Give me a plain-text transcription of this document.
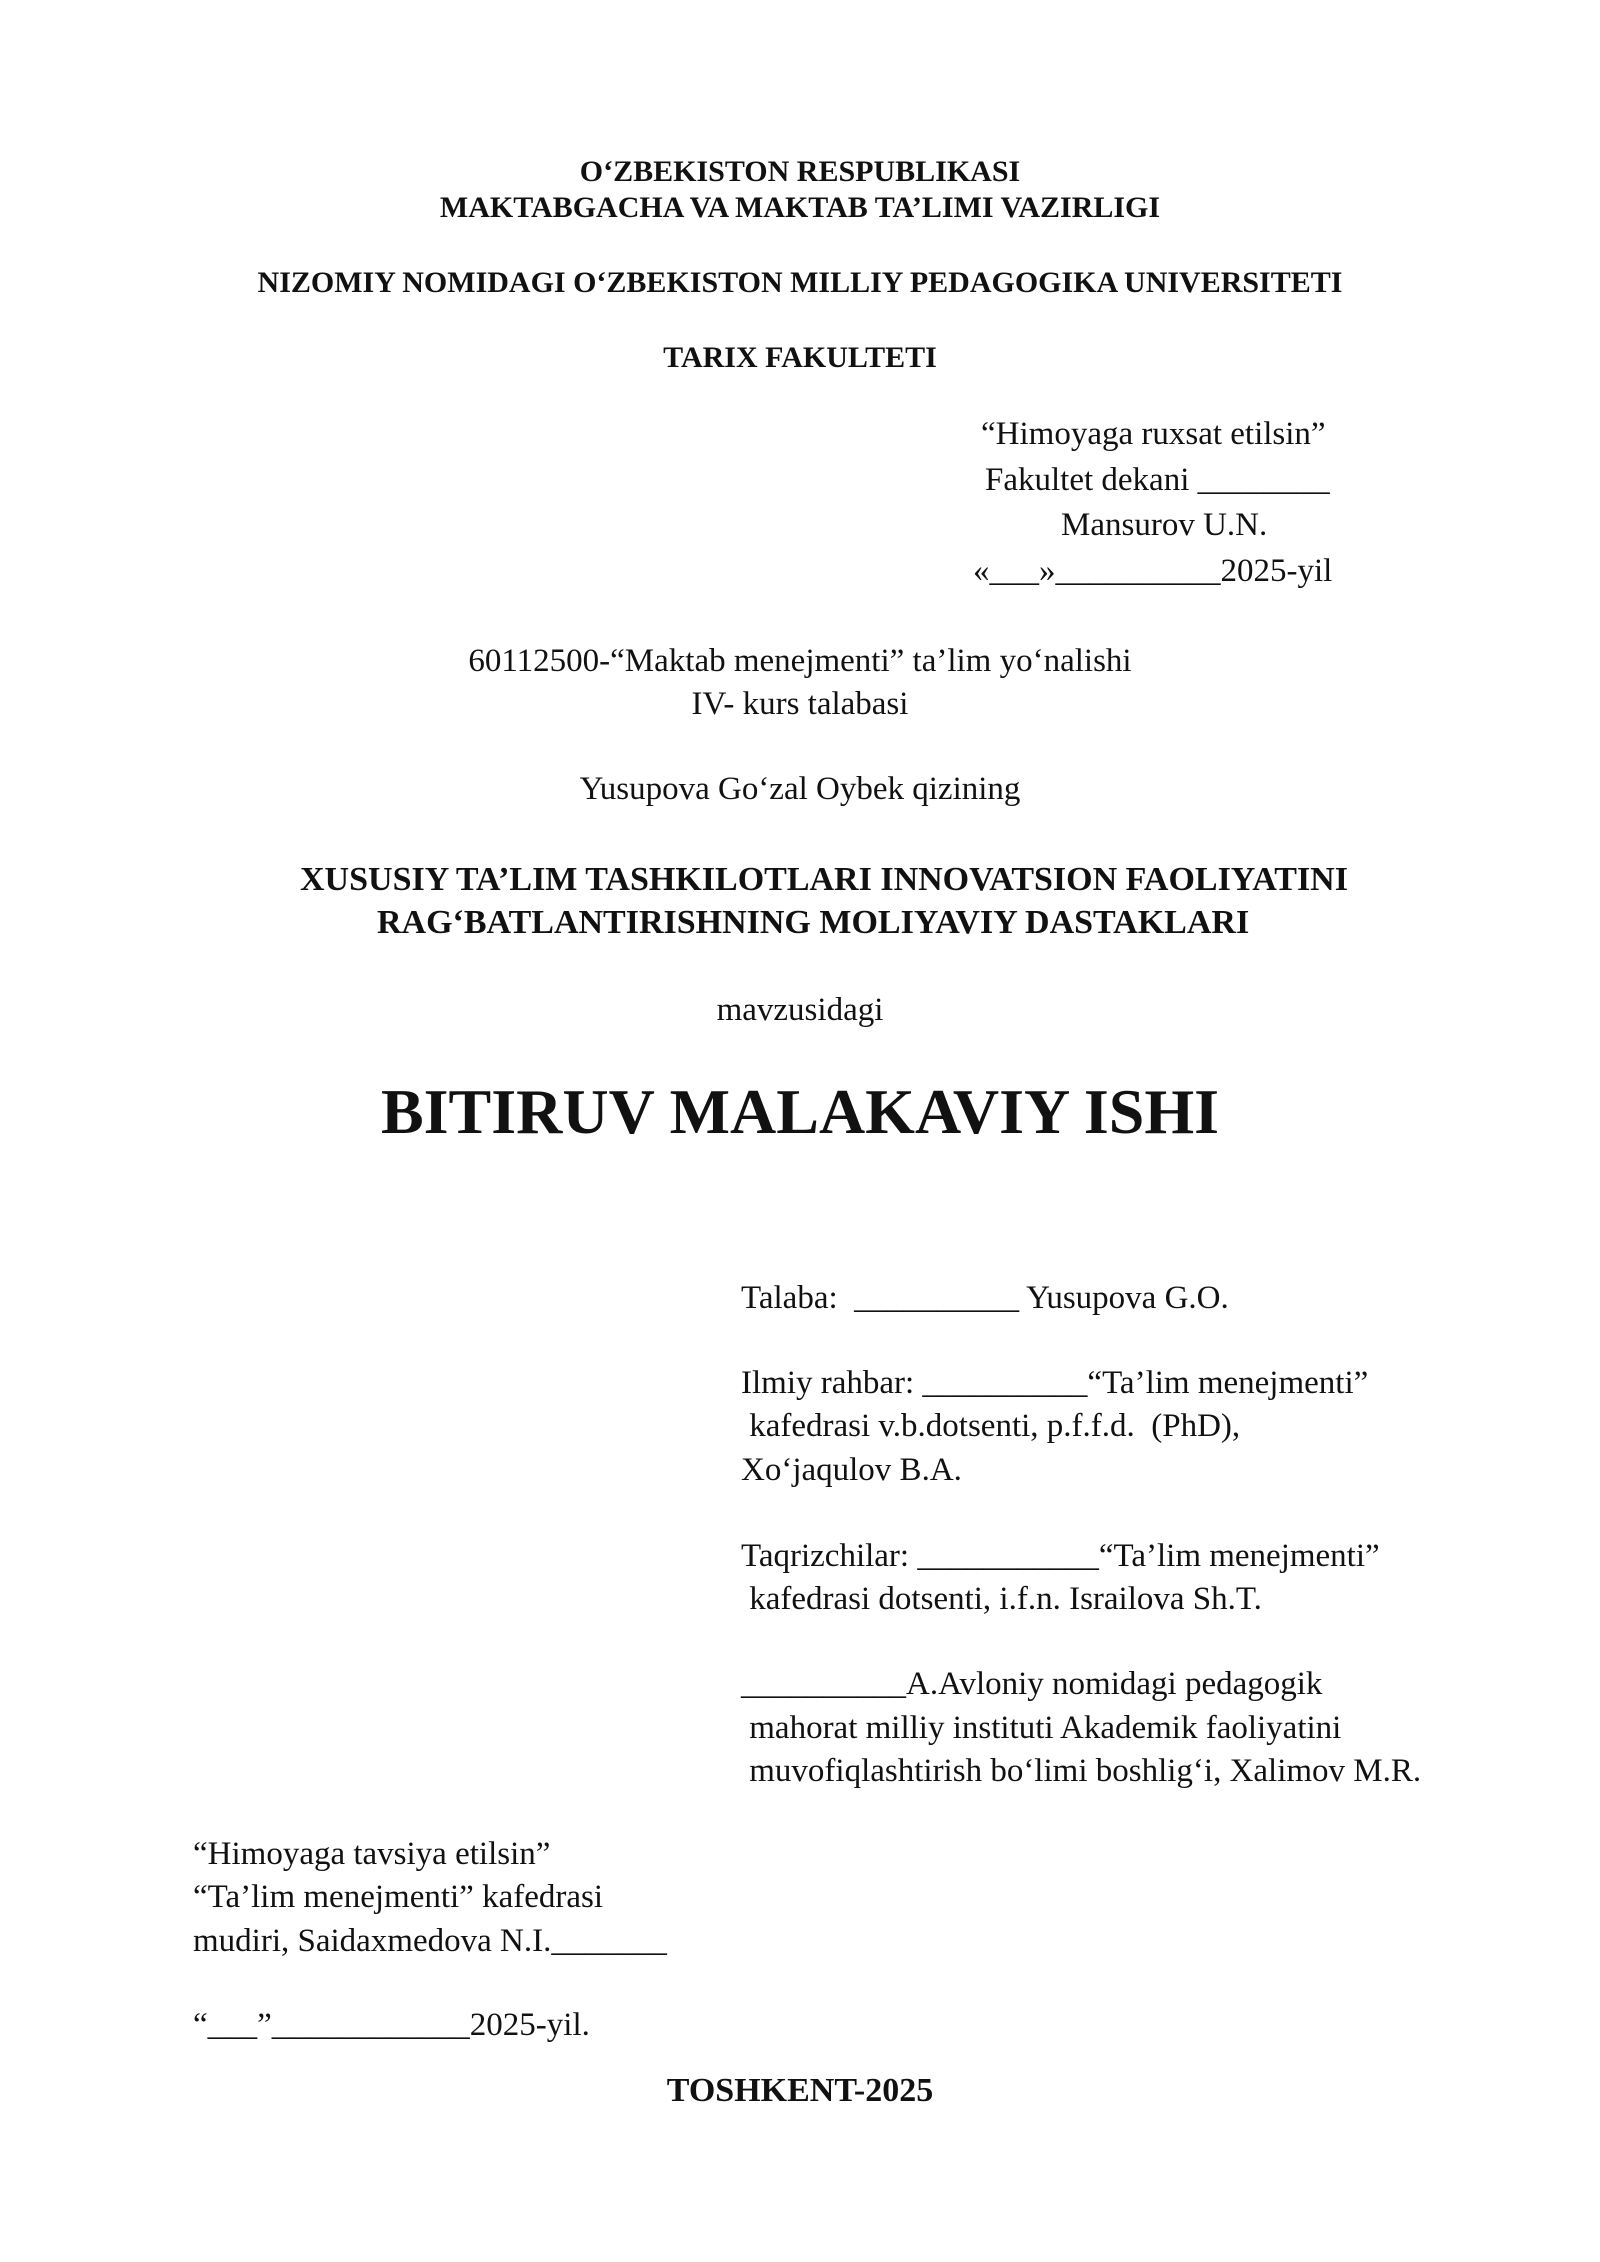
O‘ZBEKISTON RESPUBLIKASI
MAKTABGACHA VA MAKTAB TA’LIMI VAZIRLIGI
NIZOMIY NOMIDAGI O‘ZBEKISTON MILLIY PEDAGOGIKA UNIVERSITETI
TARIX FAKULTETI
“Himoyaga ruxsat etilsin”
Fakultet dekani ________
Mansurov U.N.
«___»__________2025-yil
60112500-“Maktab menejmenti” ta’lim yo‘nalishi
IV- kurs talabasi
Yusupova Go‘zal Oybek qizining
XUSUSIY TA’LIM TASHKILOTLARI INNOVATSION FAOLIYATINI
RAG‘BATLANTIRISHNING MOLIYAVIY DASTAKLARI
mavzusidagi
BITIRUV MALAKAVIY ISHI
Talaba:  __________ Yusupova G.O.
Ilmiy rahbar: __________“Ta’lim menejmenti”
kafedrasi v.b.dotsenti, p.f.f.d.  (PhD),
Xo‘jaqulov B.A.
Taqrizchilar: ___________“Ta’lim menejmenti”
kafedrasi dotsenti, i.f.n. Israilova Sh.T.
__________A.Avloniy nomidagi pedagogik
mahorat milliy instituti Akademik faoliyatini
muvofiqlashtirish bo‘limi boshlig‘i, Xalimov M.R.
“Himoyaga tavsiya etilsin”
“Ta’lim menejmenti” kafedrasi
mudiri, Saidaxmedova N.I._______
“___”____________2025-yil.
TOSHKENT-2025
